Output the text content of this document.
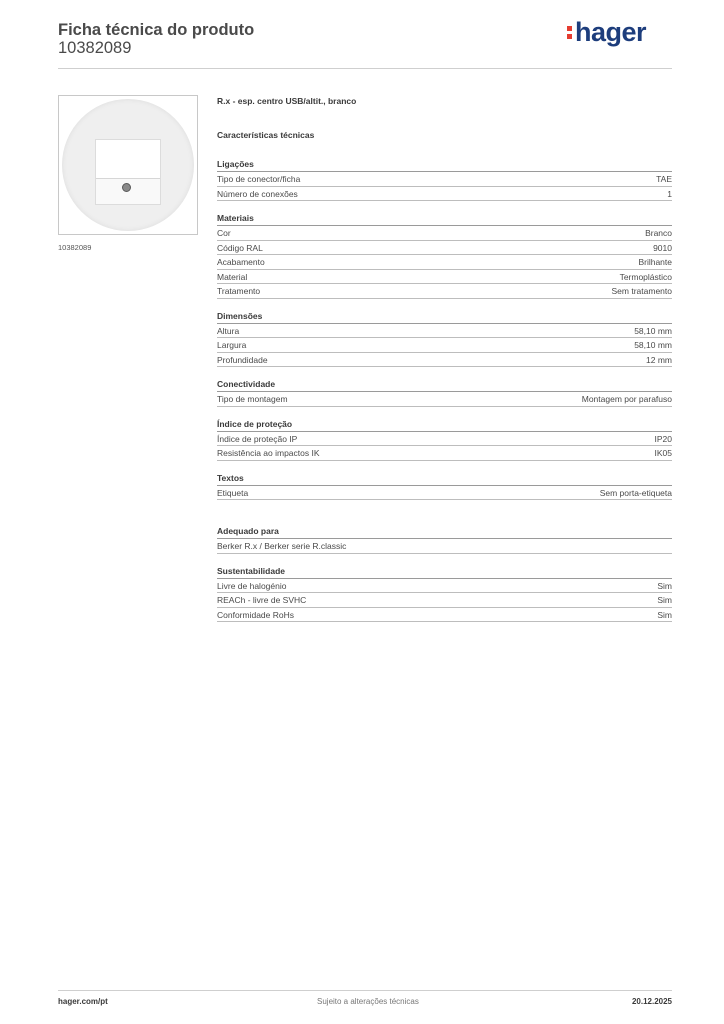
Ficha técnica do produto
10382089
hager
10382089
R.x - esp. centro USB/altit., branco
Características técnicas
Ligações
Tipo de conector/ficha	TAE
Número de conexões	1
Materiais
Cor	Branco
Código RAL	9010
Acabamento	Brilhante
Material	Termoplástico
Tratamento	Sem tratamento
Dimensões
Altura	58,10 mm
Largura	58,10 mm
Profundidade	12 mm
Conectividade
Tipo de montagem	Montagem por parafuso
Índice de proteção
Índice de proteção IP	IP20
Resistência ao impactos IK	IK05
Textos
Etiqueta	Sem porta-etiqueta
Adequado para
Berker R.x / Berker serie R.classic
Sustentabilidade
Livre de halogénio	Sim
REACh - livre de SVHC	Sim
Conformidade RoHs	Sim
hager.com/pt	Sujeito a alterações técnicas	20.12.2025
